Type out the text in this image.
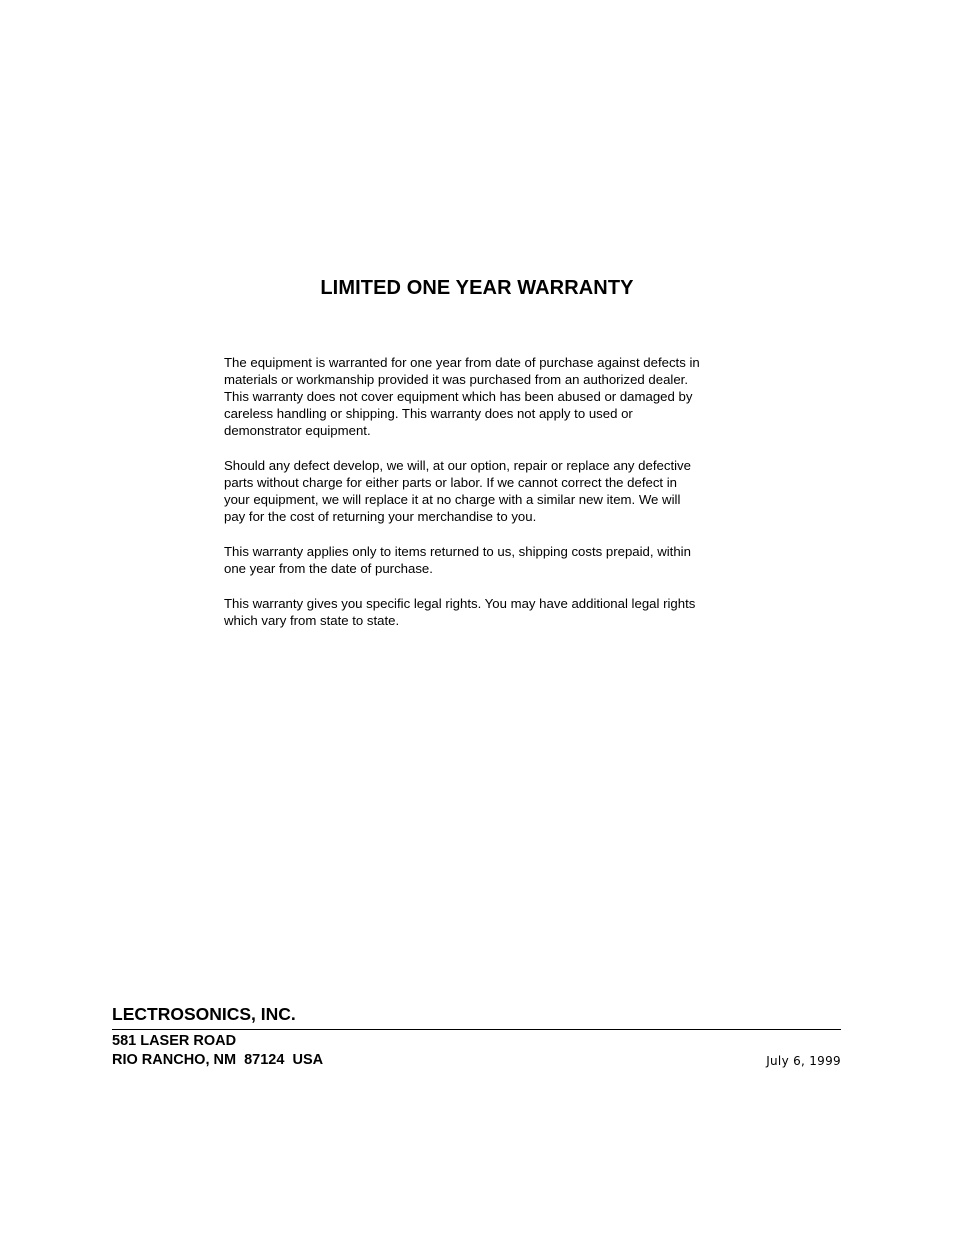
LIMITED ONE YEAR WARRANTY

The equipment is warranted for one year from date of purchase against defects in
materials or workmanship provided it was purchased from an authorized dealer.
This warranty does not cover equipment which has been abused or damaged by
careless handling or shipping. This warranty does not apply to used or
demonstrator equipment.

Should any defect develop, we will, at our option, repair or replace any defective
parts without charge for either parts or labor. If we cannot correct the defect in
your equipment, we will replace it at no charge with a similar new item. We will
pay for the cost of returning your merchandise to you.

This warranty applies only to items returned to us, shipping costs prepaid, within
one year from the date of purchase.

This warranty gives you specific legal rights. You may have additional legal rights
which vary from state to state.

LECTROSONICS, INC.
581 LASER ROAD
RIO RANCHO, NM  87124  USA	July 6, 1999
